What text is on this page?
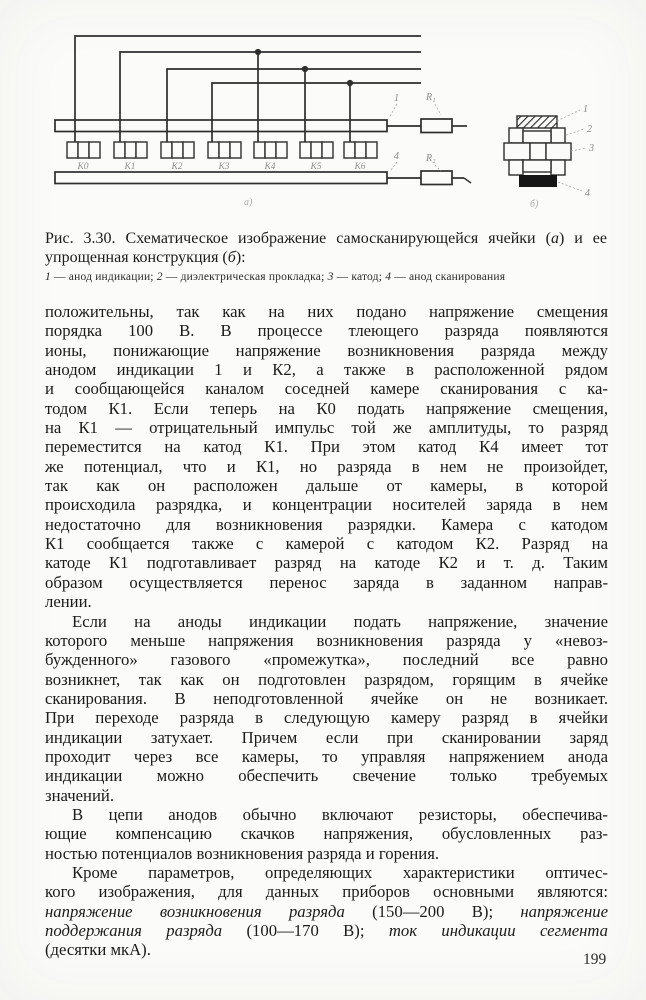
К0	К1	К2	К3	К4	К5	К6
1	R₁
4	R₂
а)
1
2
3
4
б)
Рис. 3.30. Схематическое изображение самосканирующейся ячейки (а) и ее
упрощенная конструкция (б):
1 — анод индикации; 2 — диэлектрическая прокладка; 3 — катод; 4 — анод сканирования
положительны, так как на них подано напряжение смещения
порядка 100 В. В процессе тлеющего разряда появляются
ионы, понижающие напряжение возникновения разряда между
анодом индикации 1 и К2, а также в расположенной рядом
и сообщающейся каналом соседней камере сканирования с ка-
тодом К1. Если теперь на К0 подать напряжение смещения,
на К1 — отрицательный импульс той же амплитуды, то разряд
переместится на катод К1. При этом катод К4 имеет тот
же потенциал, что и К1, но разряда в нем не произойдет,
так как он расположен дальше от камеры, в которой
происходила разрядка, и концентрации носителей заряда в нем
недостаточно для возникновения разрядки. Камера с катодом
К1 сообщается также с камерой с катодом К2. Разряд на
катоде К1 подготавливает разряд на катоде К2 и т. д. Таким
образом осуществляется перенос заряда в заданном направ-
лении.
Если на аноды индикации подать напряжение, значение
которого меньше напряжения возникновения разряда у «невоз-
бужденного» газового «промежутка», последний все равно
возникнет, так как он подготовлен разрядом, горящим в ячейке
сканирования. В неподготовленной ячейке он не возникает.
При переходе разряда в следующую камеру разряд в ячейки
индикации затухает. Причем если при сканировании заряд
проходит через все камеры, то управляя напряжением анода
индикации можно обеспечить свечение только требуемых
значений.
В цепи анодов обычно включают резисторы, обеспечива-
ющие компенсацию скачков напряжения, обусловленных раз-
ностью потенциалов возникновения разряда и горения.
Кроме параметров, определяющих характеристики оптичес-
кого изображения, для данных приборов основными являются:
напряжение возникновения разряда (150—200 В); напряжение
поддержания разряда (100—170 В); ток индикации сегмента
(десятки мкА).
199
